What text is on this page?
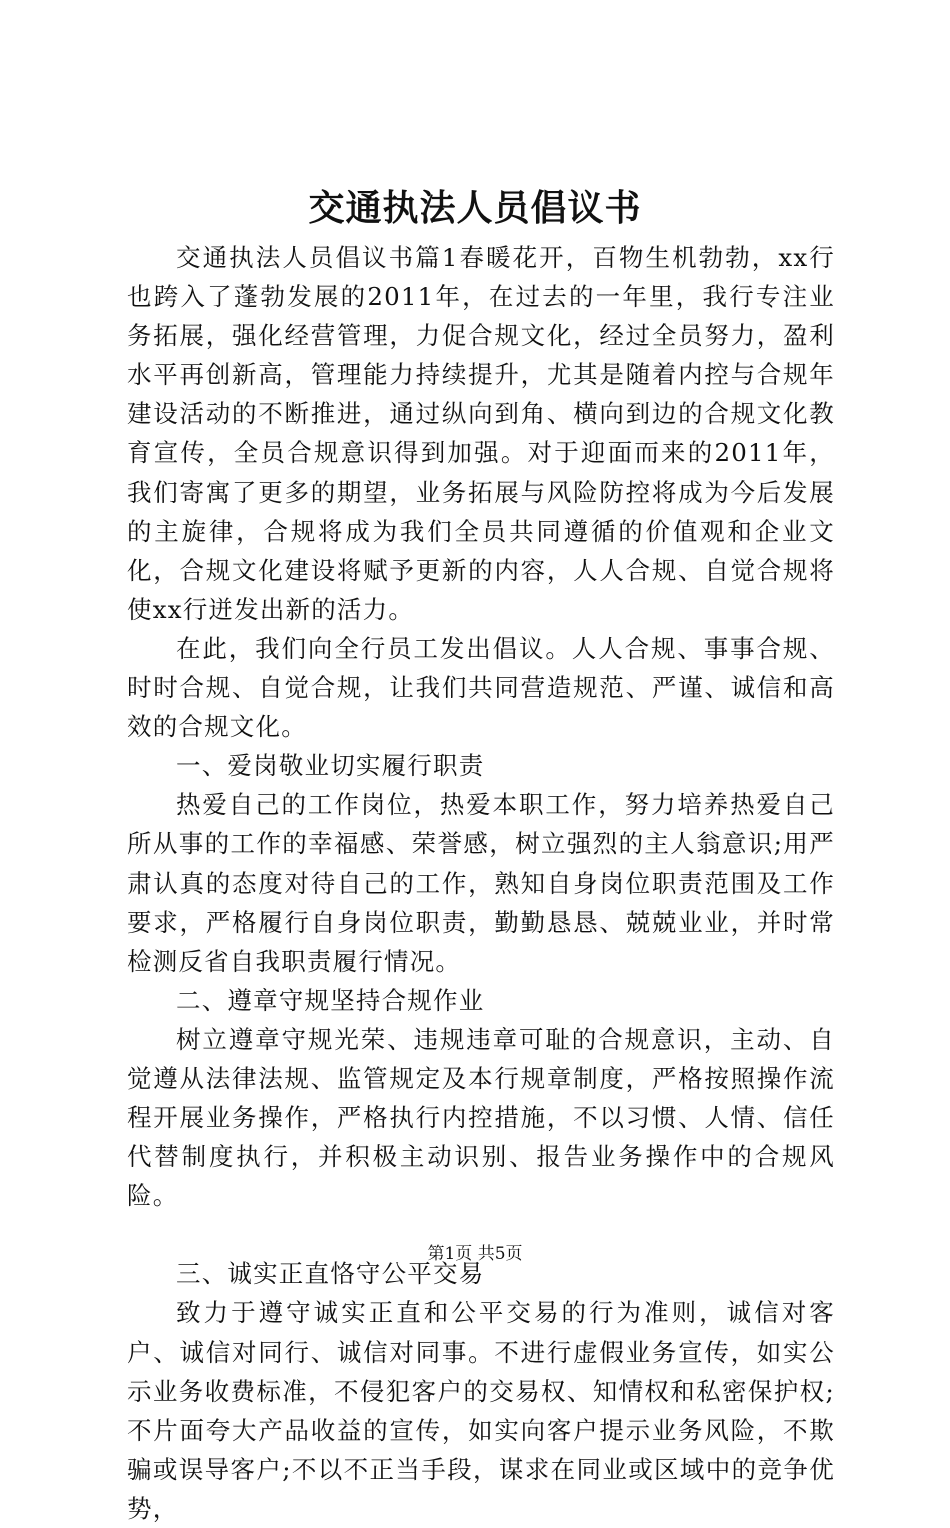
交通执法人员倡议书

交通执法人员倡议书篇1春暖花开，百物生机勃勃，xx行也跨入了蓬勃发展的2011年，在过去的一年里，我行专注业务拓展，强化经营管理，力促合规文化，经过全员努力，盈利水平再创新高，管理能力持续提升，尤其是随着内控与合规年建设活动的不断推进，通过纵向到角、横向到边的合规文化教育宣传，全员合规意识得到加强。对于迎面而来的2011年，我们寄寓了更多的期望，业务拓展与风险防控将成为今后发展的主旋律，合规将成为我们全员共同遵循的价值观和企业文化，合规文化建设将赋予更新的内容，人人合规、自觉合规将使xx行迸发出新的活力。

在此，我们向全行员工发出倡议。人人合规、事事合规、时时合规、自觉合规，让我们共同营造规范、严谨、诚信和高效的合规文化。

一、爱岗敬业切实履行职责

热爱自己的工作岗位，热爱本职工作，努力培养热爱自己所从事的工作的幸福感、荣誉感，树立强烈的主人翁意识;用严肃认真的态度对待自己的工作，熟知自身岗位职责范围及工作要求，严格履行自身岗位职责，勤勤恳恳、兢兢业业，并时常检测反省自我职责履行情况。

二、遵章守规坚持合规作业

树立遵章守规光荣、违规违章可耻的合规意识，主动、自觉遵从法律法规、监管规定及本行规章制度，严格按照操作流程开展业务操作，严格执行内控措施，不以习惯、人情、信任代替制度执行，并积极主动识别、报告业务操作中的合规风险。

三、诚实正直恪守公平交易

致力于遵守诚实正直和公平交易的行为准则，诚信对客户、诚信对同行、诚信对同事。不进行虚假业务宣传，如实公示业务收费标准，不侵犯客户的交易权、知情权和私密保护权;不片面夸大产品收益的宣传，如实向客户提示业务风险，不欺骗或误导客户;不以不正当手段，谋求在同业或区域中的竞争优势，

第1页 共5页
